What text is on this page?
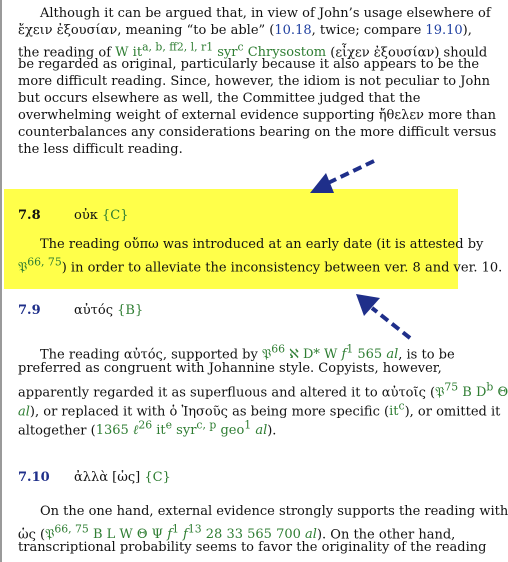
Although it can be argued that, in view of John’s usage elsewhere of
ἔχειν ἐξουσίαν, meaning “to be able” (10.18, twice; compare 19.10),
the reading of W $it^{a, b, ff2, l, r1}$ syr$^c$ Chrysostom (εἶχεν ἐξουσίαν) should
be regarded as original, particularly because it also appears to be the
more difficult reading. Since, however, the idiom is not peculiar to John
but occurs elsewhere as well, the Committee judged that the
overwhelming weight of external evidence supporting ἤθελεν more than
counterbalances any considerations bearing on the more difficult versus
the less difficult reading.
7.8	οὐκ {C}
The reading οὔπω was introduced at an early date (it is attested by
𝔓$^{66, 75}$) in order to alleviate the inconsistency between ver. 8 and ver. 10.
7.9	αὐτός {B}
The reading αὐτός, supported by 𝔓$^{66}$ ℵ D* W $f^1$ 565 al, is to be
preferred as congruent with Johannine style. Copyists, however,
apparently regarded it as superfluous and altered it to αὐτοῖς (𝔓$^{75}$ B $D^b$ Θ
al), or replaced it with ὁ Ἰησοῦς as being more specific $(it^c)$, or omitted it
altogether (1365 ℓ$^{26}$ $it^e$ syr$^{c, p}$ geo$^1$ al).
7.10 ἀλλὰ [ὡς] {C}
On the one hand, external evidence strongly supports the reading with
ὡς (𝔓$^{66, 75}$ B L W Θ Ψ $f^1$ $f^{13}$ 28 33 565 700 al). On the other hand,
transcriptional probability seems to favor the originality of the reading
